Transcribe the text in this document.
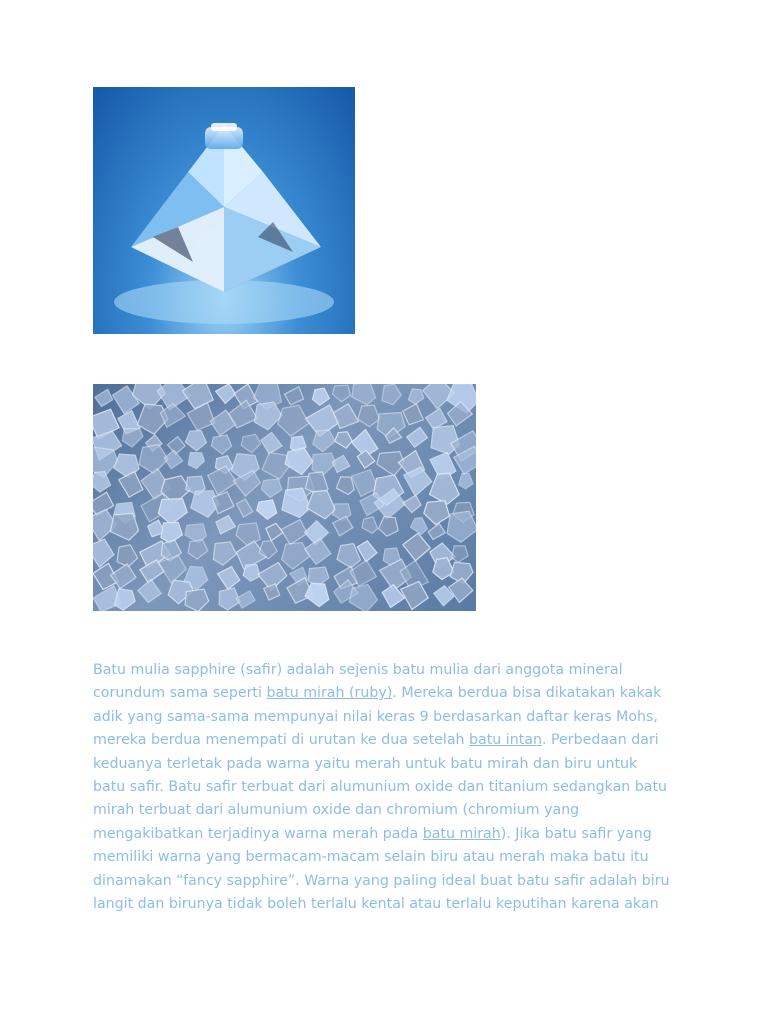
Batu mulia sapphire (safir) adalah sejenis batu mulia dari anggota mineral corundum sama seperti batu mirah (ruby). Mereka berdua bisa dikatakan kakak adik yang sama-sama mempunyai nilai keras 9 berdasarkan daftar keras Mohs, mereka berdua menempati di urutan ke dua setelah batu intan. Perbedaan dari keduanya terletak pada warna yaitu merah untuk batu mirah dan biru untuk batu safir. Batu safir terbuat dari alumunium oxide dan titanium sedangkan batu mirah terbuat dari alumunium oxide dan chromium (chromium yang mengakibatkan terjadinya warna merah pada batu mirah). Jika batu safir yang memiliki warna yang bermacam-macam selain biru atau merah maka batu itu dinamakan “fancy sapphire”. Warna yang paling ideal buat batu safir adalah biru langit dan birunya tidak boleh terlalu kental atau terlalu keputihan karena akan
